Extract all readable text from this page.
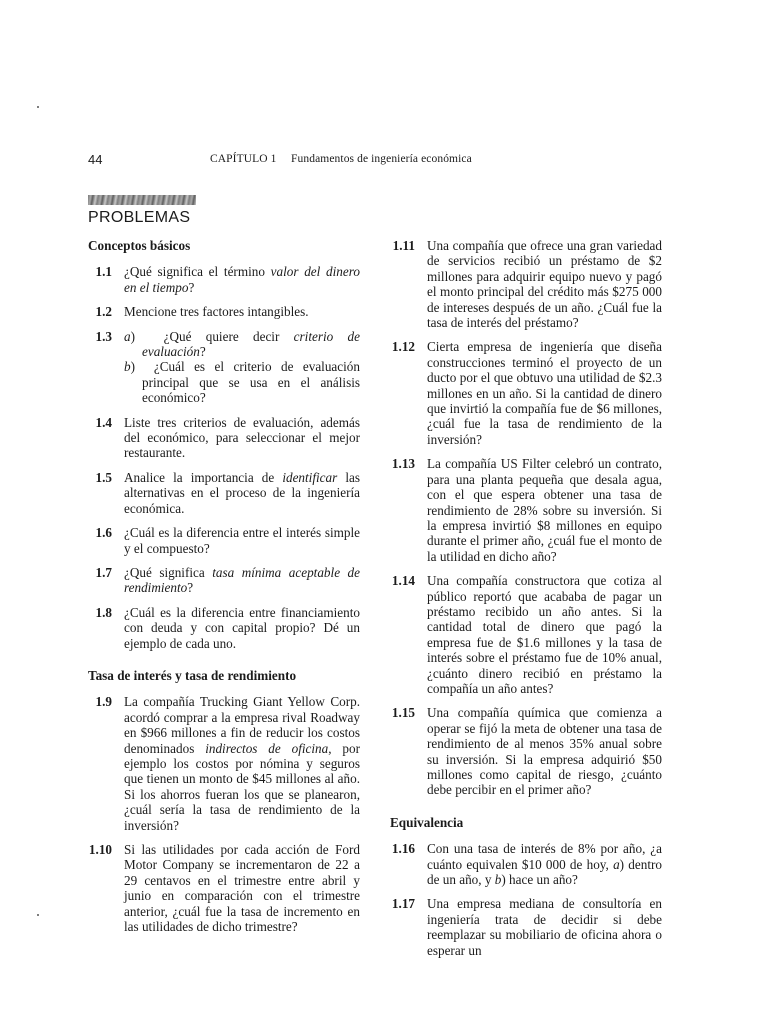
44	CAPÍTULO 1  Fundamentos de ingeniería económica
PROBLEMAS
Conceptos básicos
1.1 ¿Qué significa el término valor del dinero en el tiempo?
1.2 Mencione tres factores intangibles.
1.3 a)  ¿Qué quiere decir criterio de evaluación?
b)  ¿Cuál es el criterio de evaluación principal que se usa en el análisis económico?
1.4 Liste tres criterios de evaluación, además del económico, para seleccionar el mejor restaurante.
1.5 Analice la importancia de identificar las alternativas en el proceso de la ingeniería económica.
1.6 ¿Cuál es la diferencia entre el interés simple y el compuesto?
1.7 ¿Qué significa tasa mínima aceptable de rendimiento?
1.8 ¿Cuál es la diferencia entre financiamiento con deuda y con capital propio? Dé un ejemplo de cada uno.
Tasa de interés y tasa de rendimiento
1.9 La compañía Trucking Giant Yellow Corp. acordó comprar a la empresa rival Roadway en $966 millones a fin de reducir los costos denominados indirectos de oficina, por ejemplo los costos por nómina y seguros que tienen un monto de $45 millones al año. Si los ahorros fueran los que se planearon, ¿cuál sería la tasa de rendimiento de la inversión?
1.10 Si las utilidades por cada acción de Ford Motor Company se incrementaron de 22 a 29 centavos en el trimestre entre abril y junio en comparación con el trimestre anterior, ¿cuál fue la tasa de incremento en las utilidades de dicho trimestre?
1.11 Una compañía que ofrece una gran variedad de servicios recibió un préstamo de $2 millones para adquirir equipo nuevo y pagó el monto principal del crédito más $275 000 de intereses después de un año. ¿Cuál fue la tasa de interés del préstamo?
1.12 Cierta empresa de ingeniería que diseña construcciones terminó el proyecto de un ducto por el que obtuvo una utilidad de $2.3 millones en un año. Si la cantidad de dinero que invirtió la compañía fue de $6 millones, ¿cuál fue la tasa de rendimiento de la inversión?
1.13 La compañía US Filter celebró un contrato, para una planta pequeña que desala agua, con el que espera obtener una tasa de rendimiento de 28% sobre su inversión. Si la empresa invirtió $8 millones en equipo durante el primer año, ¿cuál fue el monto de la utilidad en dicho año?
1.14 Una compañía constructora que cotiza al público reportó que acababa de pagar un préstamo recibido un año antes. Si la cantidad total de dinero que pagó la empresa fue de $1.6 millones y la tasa de interés sobre el préstamo fue de 10% anual, ¿cuánto dinero recibió en préstamo la compañía un año antes?
1.15 Una compañía química que comienza a operar se fijó la meta de obtener una tasa de rendimiento de al menos 35% anual sobre su inversión. Si la empresa adquirió $50 millones como capital de riesgo, ¿cuánto debe percibir en el primer año?
Equivalencia
1.16 Con una tasa de interés de 8% por año, ¿a cuánto equivalen $10 000 de hoy, a) dentro de un año, y b) hace un año?
1.17 Una empresa mediana de consultoría en ingeniería trata de decidir si debe reemplazar su mobiliario de oficina ahora o esperar un
